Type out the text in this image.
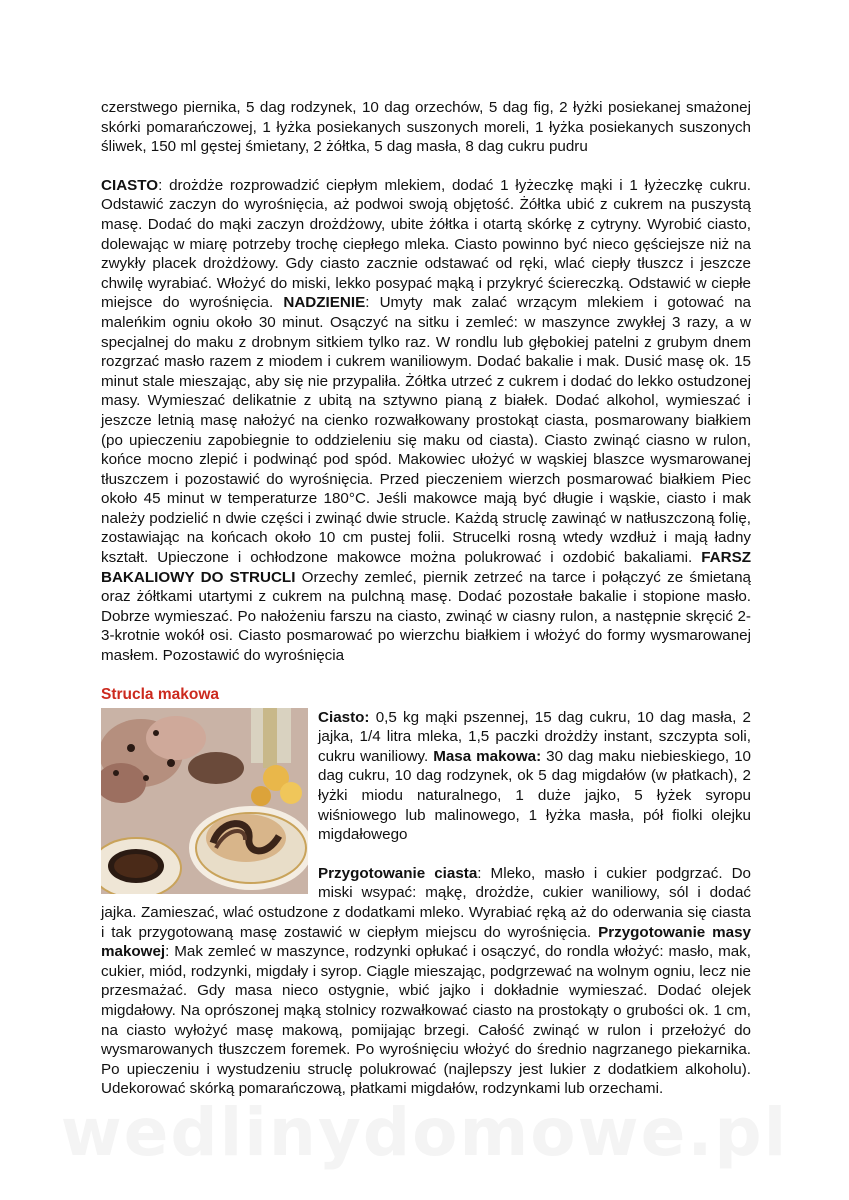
czerstwego piernika, 5 dag rodzynek, 10 dag orzechów, 5 dag fig, 2 łyżki posiekanej smażonej skórki pomarańczowej, 1 łyżka posiekanych suszonych moreli, 1 łyżka posiekanych suszonych śliwek, 150 ml gęstej śmietany, 2 żółtka, 5 dag masła, 8 dag cukru pudru

CIASTO: drożdże rozprowadzić ciepłym mlekiem, dodać 1 łyżeczkę mąki i 1 łyżeczkę cukru. Odstawić zaczyn do wyrośnięcia, aż podwoi swoją objętość. Żółtka ubić z cukrem na puszystą masę. Dodać do mąki zaczyn drożdżowy, ubite żółtka i otartą skórkę z cytryny. Wyrobić ciasto, dolewając w miarę potrzeby trochę ciepłego mleka. Ciasto powinno być nieco gęściejsze niż na zwykły placek drożdżowy. Gdy ciasto zacznie odstawać od ręki, wlać ciepły tłuszcz i jeszcze chwilę wyrabiać. Włożyć do miski, lekko posypać mąką i przykryć ściereczką. Odstawić w ciepłe miejsce do wyrośnięcia. NADZIENIE: Umyty mak zalać wrzącym mlekiem i gotować na maleńkim ogniu około 30 minut. Osączyć na sitku i zemleć: w maszynce zwykłej 3 razy, a w specjalnej do maku z drobnym sitkiem tylko raz. W rondlu lub głębokiej patelni z grubym dnem rozgrzać masło razem z miodem i cukrem waniliowym. Dodać bakalie i mak. Dusić masę ok. 15 minut stale mieszając, aby się nie przypaliła. Żółtka utrzeć z cukrem i dodać do lekko ostudzonej masy. Wymieszać delikatnie z ubitą na sztywno pianą z białek. Dodać alkohol, wymieszać i jeszcze letnią masę nałożyć na cienko rozwałkowany prostokąt ciasta, posmarowany białkiem (po upieczeniu zapobiegnie to oddzieleniu się maku od ciasta). Ciasto zwinąć ciasno w rulon, końce mocno zlepić i podwinąć pod spód. Makowiec ułożyć w wąskiej blaszce wysmarowanej tłuszczem i pozostawić do wyrośnięcia. Przed pieczeniem wierzch posmarować białkiem Piec około 45 minut w temperaturze 180°C. Jeśli makowce mają być długie i wąskie, ciasto i mak należy podzielić n dwie części i zwinąć dwie strucle. Każdą struclę zawinąć w natłuszczoną folię, zostawiając na końcach około 10 cm pustej folii. Strucelki rosną wtedy wzdłuż i mają ładny kształt. Upieczone i ochłodzone makowce można polukrować i ozdobić bakaliami. FARSZ BAKALIOWY DO STRUCLI Orzechy zemleć, piernik zetrzeć na tarce i połączyć ze śmietaną oraz żółtkami utartymi z cukrem na pulchną masę. Dodać pozostałe bakalie i stopione masło. Dobrze wymieszać. Po nałożeniu farszu na ciasto, zwinąć w ciasny rulon, a następnie skręcić 2-3-krotnie wokół osi. Ciasto posmarować po wierzchu białkiem i włożyć do formy wysmarowanej masłem. Pozostawić do wyrośnięcia

Strucla makowa

Ciasto: 0,5 kg mąki pszennej, 15 dag cukru, 10 dag masła, 2 jajka, 1/4 litra mleka, 1,5 paczki drożdży instant, szczypta soli, cukru waniliowy. Masa makowa: 30 dag maku niebieskiego, 10 dag cukru, 10 dag rodzynek, ok 5 dag migdałów (w płatkach), 2 łyżki miodu naturalnego, 1 duże jajko, 5 łyżek syropu wiśniowego lub malinowego, 1 łyżka masła, pół fiolki olejku migdałowego

Przygotowanie ciasta: Mleko, masło i cukier podgrzać. Do miski wsypać: mąkę, drożdże, cukier waniliowy, sól i dodać jajka. Zamieszać, wlać ostudzone z dodatkami mleko. Wyrabiać ręką aż do oderwania się ciasta i tak przygotowaną masę zostawić w ciepłym miejscu do wyrośnięcia. Przygotowanie masy makowej: Mak zemleć w maszynce, rodzynki opłukać i osączyć, do rondla włożyć: masło, mak, cukier, miód, rodzynki, migdały i syrop. Ciągle mieszając, podgrzewać na wolnym ogniu, lecz nie przesmażać. Gdy masa nieco ostygnie, wbić jajko i dokładnie wymieszać. Dodać olejek migdałowy. Na oprószonej mąką stolnicy rozwałkować ciasto na prostokąty o grubości ok. 1 cm, na ciasto wyłożyć masę makową, pomijając brzegi. Całość zwinąć w rulon i przełożyć do wysmarowanych tłuszczem foremek. Po wyrośnięciu włożyć do średnio nagrzanego piekarnika. Po upieczeniu i wystudzeniu struclę polukrować (najlepszy jest lukier z dodatkiem alkoholu). Udekorować skórką pomarańczową, płatkami migdałów, rodzynkami lub orzechami.

wedlinydomowe.pl
